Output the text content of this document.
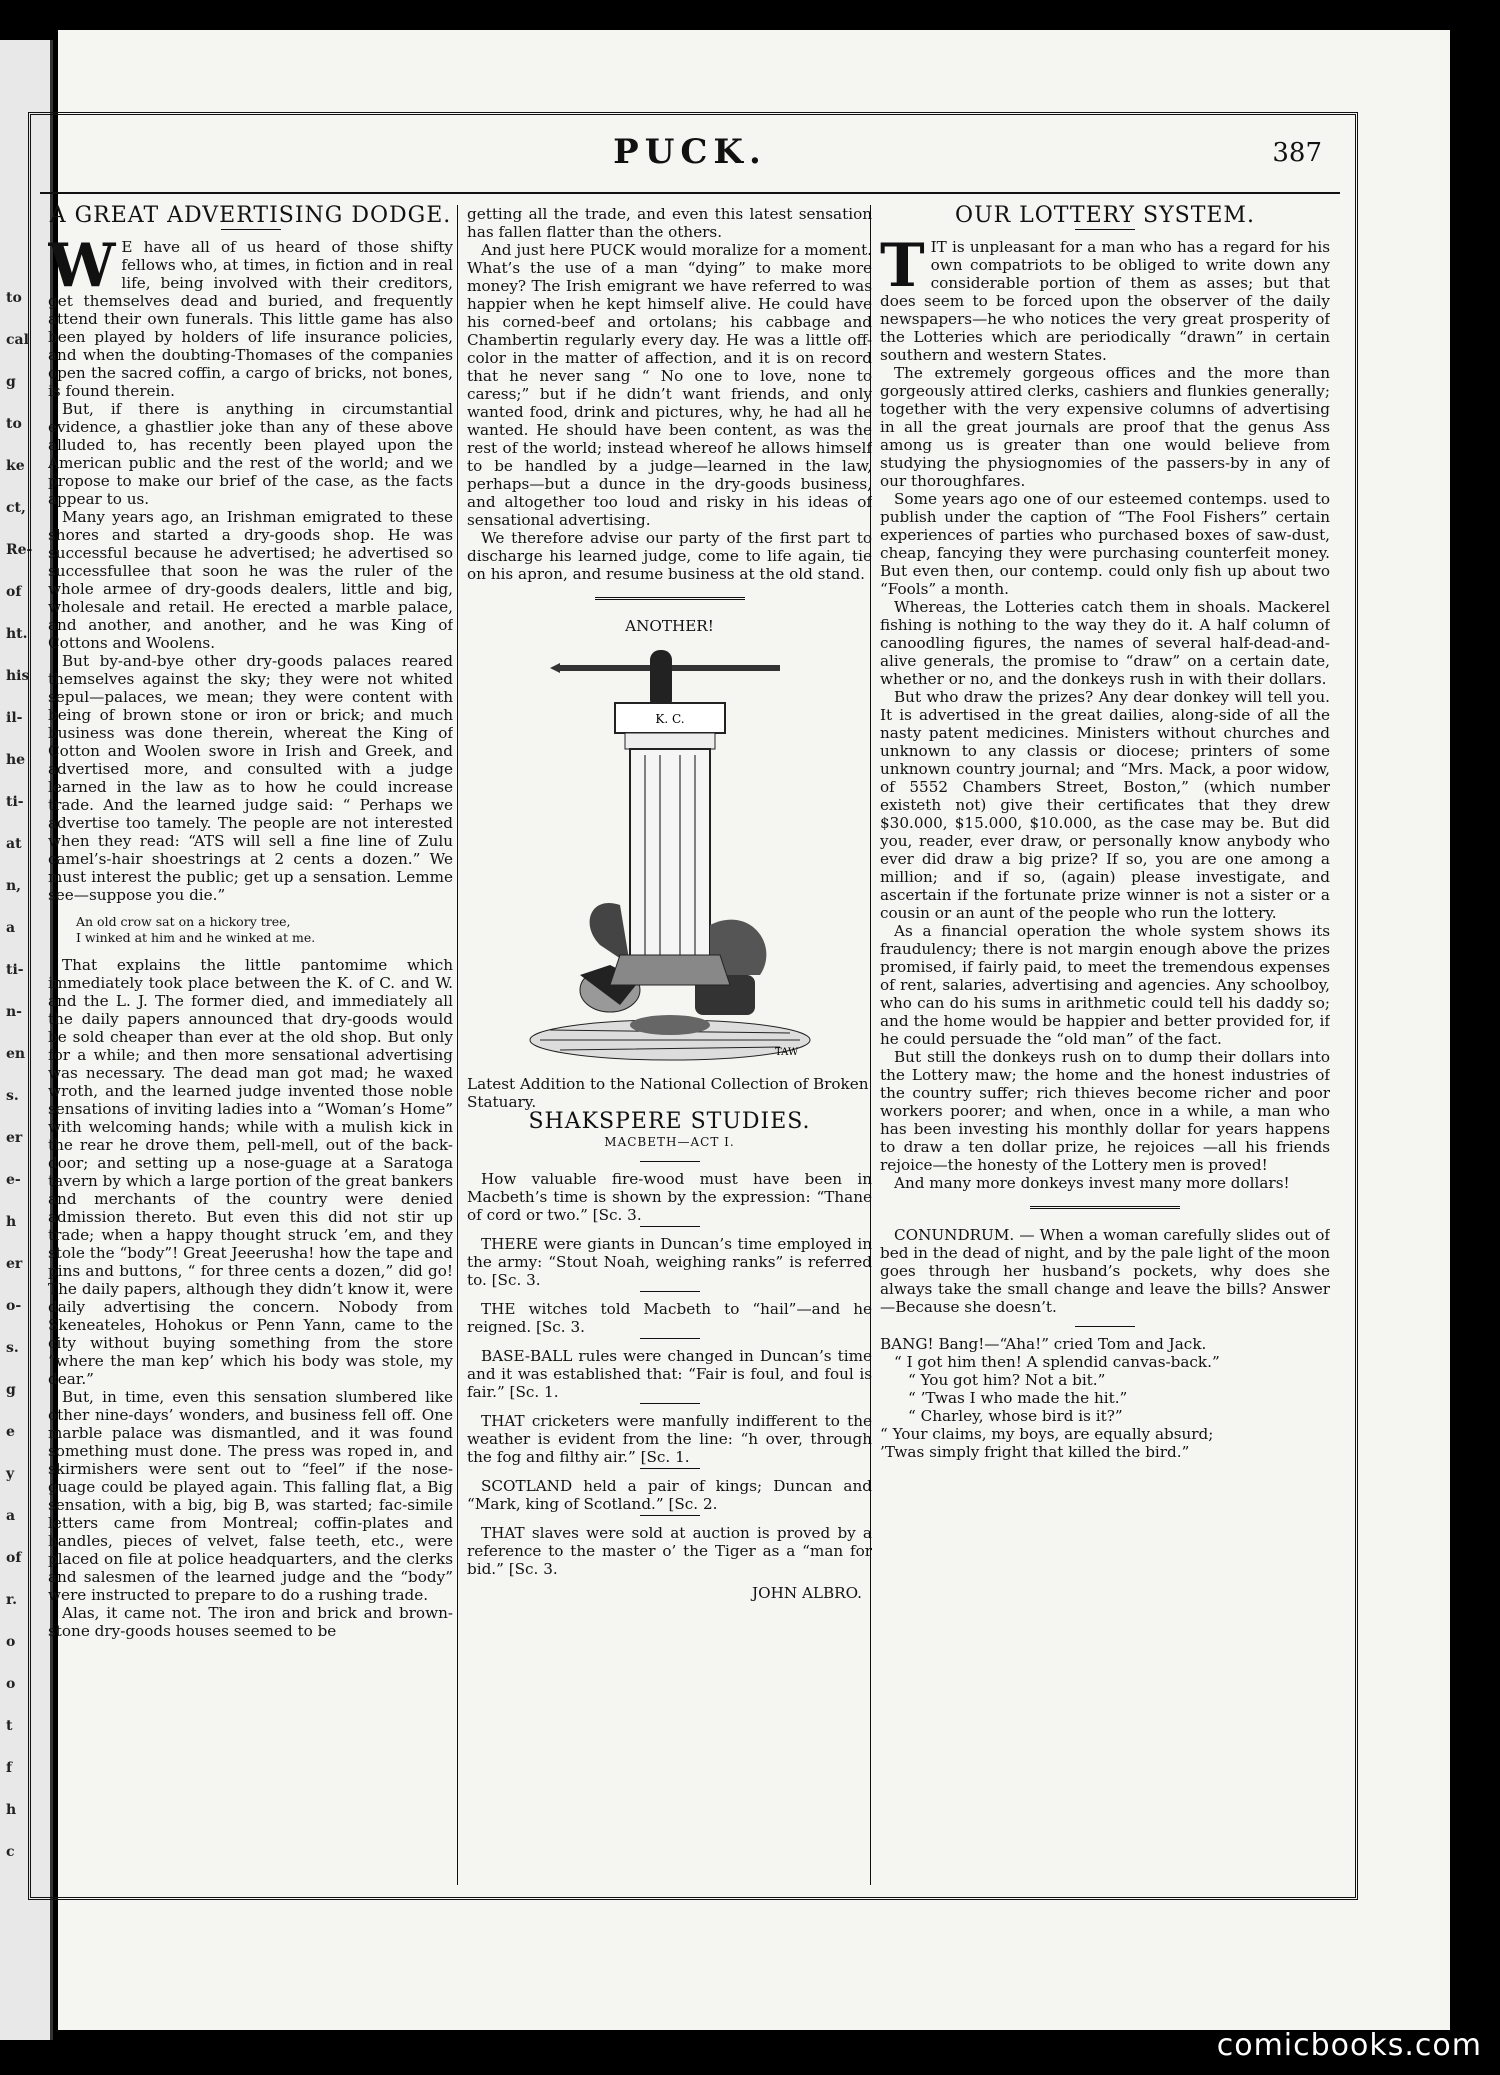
to
cal
g
to
ke
ct,
Re-
of
ht.
his
il-
he
ti-
at
n,
a
ti-
n-
en
s.
er
e-
h
er
o-
s.
g
e
y
a
of
r.
o
o
t
f
h
c
PUCK.	387
A GREAT ADVERTISING DODGE.
W E have all of us heard of those shifty fellows who, at times, in fiction and in real life, being involved with their creditors, get themselves dead and buried, and frequently attend their own funerals. This little game has also been played by holders of life insurance policies, and when the doubting-Thomases of the companies open the sacred coffin, a cargo of bricks, not bones, is found therein.

But, if there is anything in circumstantial evidence, a ghastlier joke than any of these above alluded to, has recently been played upon the American public and the rest of the world; and we propose to make our brief of the case, as the facts appear to us.

Many years ago, an Irishman emigrated to these shores and started a dry-goods shop. He was successful because he advertised; he advertised so successfullee that soon he was the ruler of the whole armee of dry-goods dealers, little and big, wholesale and retail. He erected a marble palace, and another, and another, and he was King of Cottons and Woolens.

But by-and-bye other dry-goods palaces reared themselves against the sky; they were not whited sepul—palaces, we mean; they were content with being of brown stone or iron or brick; and much business was done therein, whereat the King of Cotton and Woolen swore in Irish and Greek, and advertised more, and consulted with a judge learned in the law as to how he could increase trade. And the learned judge said: “ Perhaps we advertise too tamely. The people are not interested when they read: “ATS will sell a fine line of Zulu camel’s-hair shoestrings at 2 cents a dozen.” We must interest the public; get up a sensation. Lemme see—suppose you die.”

An old crow sat on a hickory tree,
I winked at him and he winked at me.

That explains the little pantomime which immediately took place between the K. of C. and W. and the L. J. The former died, and immediately all the daily papers announced that dry-goods would be sold cheaper than ever at the old shop. But only for a while; and then more sensational advertising was necessary. The dead man got mad; he waxed wroth, and the learned judge invented those noble sensations of inviting ladies into a “Woman’s Home” with welcoming hands; while with a mulish kick in the rear he drove them, pell-mell, out of the back-door; and setting up a nose-guage at a Saratoga tavern by which a large portion of the great bankers and merchants of the country were denied admission thereto. But even this did not stir up trade; when a happy thought struck ’em, and they stole the “body”! Great Jeeerusha! how the tape and pins and buttons, “ for three cents a dozen,” did go! The daily papers, although they didn’t know it, were daily advertising the concern. Nobody from Skeneateles, Hohokus or Penn Yann, came to the city without buying something from the store “where the man kep’ which his body was stole, my dear.”

But, in time, even this sensation slumbered like other nine-days’ wonders, and business fell off. One marble palace was dismantled, and it was found something must done. The press was roped in, and skirmishers were sent out to “feel” if the nose-guage could be played again. This falling flat, a Big sensation, with a big, big B, was started; fac-simile letters came from Montreal; coffin-plates and handles, pieces of velvet, false teeth, etc., were placed on file at police headquarters, and the clerks and salesmen of the learned judge and the “body” were instructed to prepare to do a rushing trade.

Alas, it came not. The iron and brick and brown-stone dry-goods houses seemed to be

getting all the trade, and even this latest sensation has fallen flatter than the others.

And just here PUCK would moralize for a moment. What’s the use of a man “dying” to make more money? The Irish emigrant we have referred to was happier when he kept himself alive. He could have his corned-beef and ortolans; his cabbage and Chambertin regularly every day. He was a little off-color in the matter of affection, and it is on record that he never sang “ No one to love, none to caress;” but if he didn’t want friends, and only wanted food, drink and pictures, why, he had all he wanted. He should have been content, as was the rest of the world; instead whereof he allows himself to be handled by a judge—learned in the law, perhaps—but a dunce in the dry-goods business, and altogether too loud and risky in his ideas of sensational advertising.

We therefore advise our party of the first part to discharge his learned judge, come to life again, tie on his apron, and resume business at the old stand.

ANOTHER!
K. C.
TAW

Latest Addition to the National Collection of Broken Statuary.

SHAKSPERE STUDIES.
MACBETH—ACT I.

How valuable fire-wood must have been in Macbeth’s time is shown by the expression: “Thane of cord or two.” [Sc. 3.

THERE were giants in Duncan’s time employed in the army: “Stout Noah, weighing ranks” is referred to. [Sc. 3.

THE witches told Macbeth to “hail”—and he reigned. [Sc. 3.

BASE-BALL rules were changed in Duncan’s time and it was established that: “Fair is foul, and foul is fair.” [Sc. 1.

THAT cricketers were manfully indifferent to the weather is evident from the line: “h over, through the fog and filthy air.” [Sc. 1.

SCOTLAND held a pair of kings; Duncan and “Mark, king of Scotland.” [Sc. 2.

THAT slaves were sold at auction is proved by a reference to the master o’ the Tiger as a “man for bid.” [Sc. 3.

JOHN ALBRO.
OUR LOTTERY SYSTEM.
T IT is unpleasant for a man who has a regard for his own compatriots to be obliged to write down any considerable portion of them as asses; but that does seem to be forced upon the observer of the daily newspapers—he who notices the very great prosperity of the Lotteries which are periodically “drawn” in certain southern and western States.

The extremely gorgeous offices and the more than gorgeously attired clerks, cashiers and flunkies generally; together with the very expensive columns of advertising in all the great journals are proof that the genus Ass among us is greater than one would believe from studying the physiognomies of the passers-by in any of our thoroughfares.

Some years ago one of our esteemed contemps. used to publish under the caption of “The Fool Fishers” certain experiences of parties who purchased boxes of saw-dust, cheap, fancying they were purchasing counterfeit money. But even then, our contemp. could only fish up about two “Fools” a month.

Whereas, the Lotteries catch them in shoals. Mackerel fishing is nothing to the way they do it. A half column of canoodling figures, the names of several half-dead-and-alive generals, the promise to “draw” on a certain date, whether or no, and the donkeys rush in with their dollars.

But who draw the prizes? Any dear donkey will tell you. It is advertised in the great dailies, along-side of all the nasty patent medicines. Ministers without churches and unknown to any classis or diocese; printers of some unknown country journal; and “Mrs. Mack, a poor widow, of 5552 Chambers Street, Boston,” (which number existeth not) give their certificates that they drew $30.000, $15.000, $10.000, as the case may be. But did you, reader, ever draw, or personally know anybody who ever did draw a big prize? If so, you are one among a million; and if so, (again) please investigate, and ascertain if the fortunate prize winner is not a sister or a cousin or an aunt of the people who run the lottery.

As a financial operation the whole system shows its fraudulency; there is not margin enough above the prizes promised, if fairly paid, to meet the tremendous expenses of rent, salaries, advertising and agencies. Any schoolboy, who can do his sums in arithmetic could tell his daddy so; and the home would be happier and better provided for, if he could persuade the “old man” of the fact.

But still the donkeys rush on to dump their dollars into the Lottery maw; the home and the honest industries of the country suffer; rich thieves become richer and poor workers poorer; and when, once in a while, a man who has been investing his monthly dollar for years happens to draw a ten dollar prize, he rejoices —all his friends rejoice—the honesty of the Lottery men is proved!

And many more donkeys invest many more dollars!

CONUNDRUM. — When a woman carefully slides out of bed in the dead of night, and by the pale light of the moon goes through her husband’s pockets, why does she always take the small change and leave the bills? Answer—Because she doesn’t.

BANG! Bang!—“Aha!” cried Tom and Jack.
“ I got him then! A splendid canvas-back.”
“ You got him? Not a bit.”
“ ’Twas I who made the hit.”
“ Charley, whose bird is it?”
“ Your claims, my boys, are equally absurd;
’Twas simply fright that killed the bird.”
comicbooks.com
